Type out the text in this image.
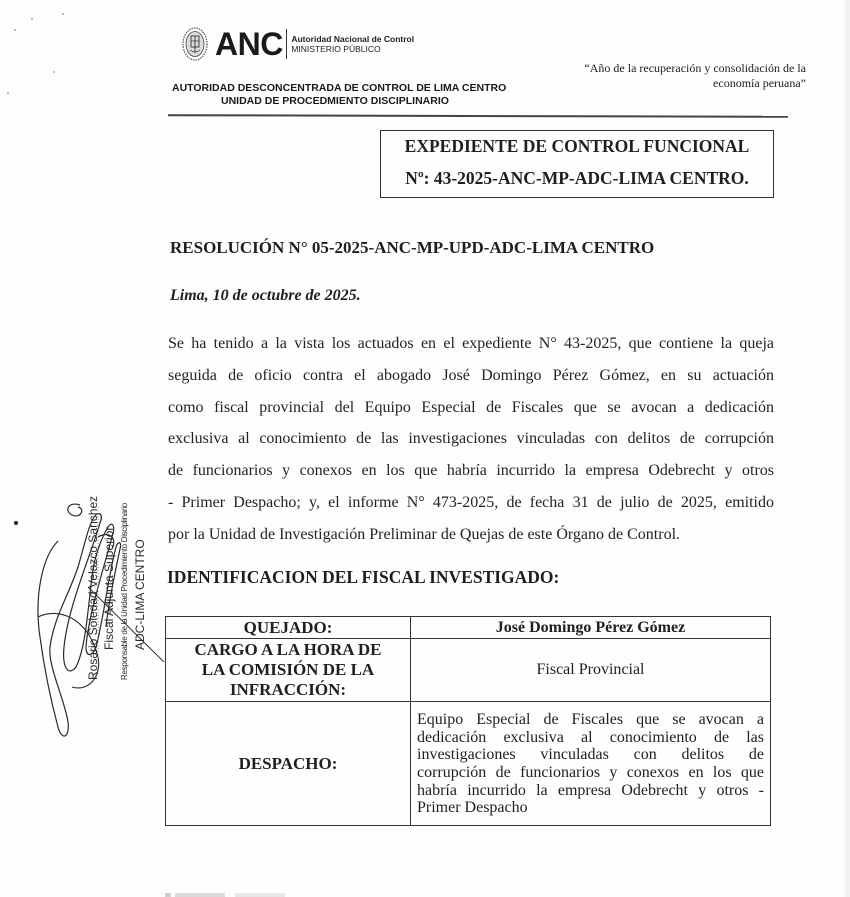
ANC Autoridad Nacional de Control
MINISTERIO PÚBLICO
AUTORIDAD DESCONCENTRADA DE CONTROL DE LIMA CENTRO
UNIDAD DE PROCEDMIENTO DISCIPLINARIO
“Año de la recuperación y consolidación de la
economía peruana”
EXPEDIENTE DE CONTROL FUNCIONAL
Nº: 43-2025-ANC-MP-ADC-LIMA CENTRO.
RESOLUCIÓN N° 05-2025-ANC-MP-UPD-ADC-LIMA CENTRO
Lima, 10 de octubre de 2025.
Se ha tenido a la vista los actuados en el expediente N° 43-2025, que contiene la queja
seguida de oficio contra el abogado José Domingo Pérez Gómez, en su actuación
como fiscal provincial del Equipo Especial de Fiscales que se avocan a dedicación
exclusiva al conocimiento de las investigaciones vinculadas con delitos de corrupción
de funcionarios y conexos en los que habría incurrido la empresa Odebrecht y otros
- Primer Despacho; y, el informe N° 473-2025, de fecha 31 de julio de 2025, emitido
por la Unidad de Investigación Preliminar de Quejas de este Órgano de Control.
IDENTIFICACION DEL FISCAL INVESTIGADO:
QUEJADO:	José Domingo Pérez Gómez

CARGO A LA HORA DE
LA COMISIÓN DE LA
INFRACCIÓN:	Fiscal Provincial
DESPACHO:	
Equipo Especial de Fiscales que se avocan a
dedicación exclusiva al conocimiento de las
investigaciones vinculadas con delitos de
corrupción de funcionarios y conexos en los que
habría incurrido la empresa Odebrecht y otros -
Primer Despacho
Rosario Soledad Velazco Sanchez Fiscal Adjunta Superior Responsable de la Unidad Procedimiento Disciplinario ADC-LIMA CENTRO
